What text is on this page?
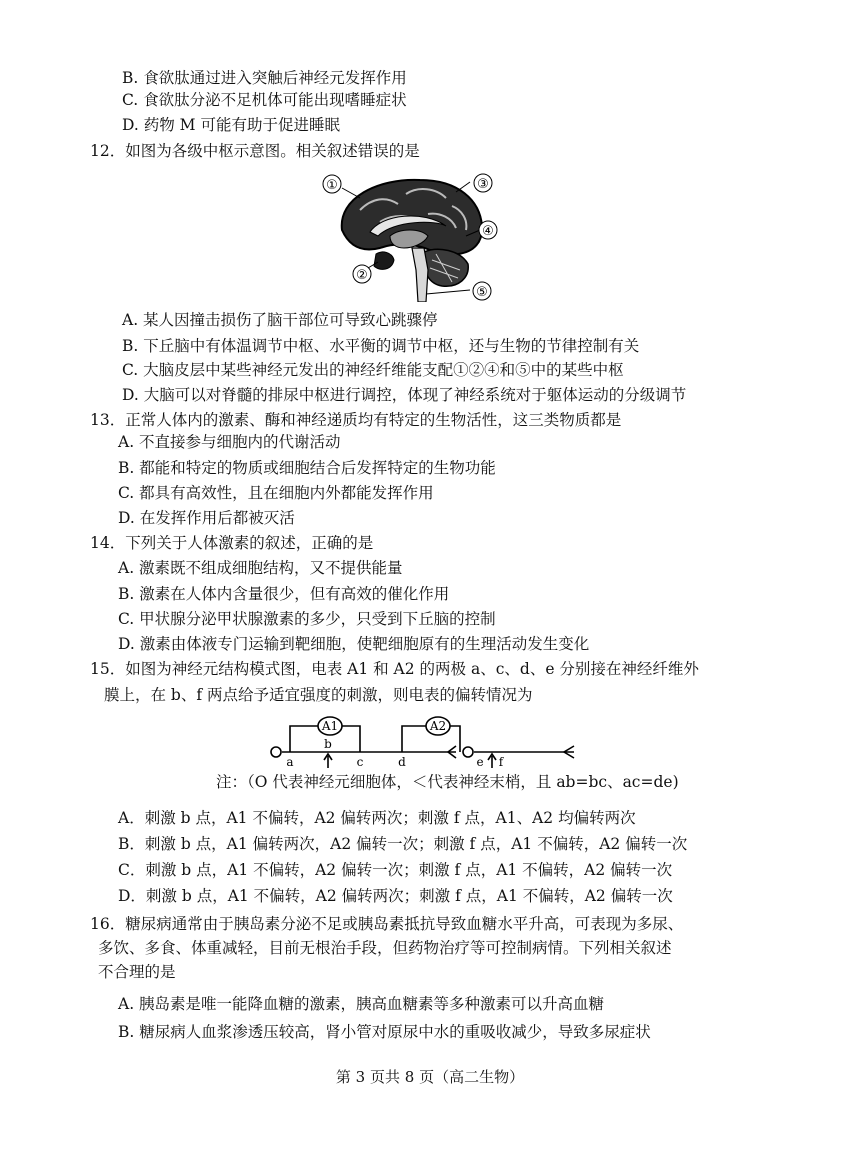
B. 食欲肽通过进入突触后神经元发挥作用
C. 食欲肽分泌不足机体可能出现嗜睡症状
D. 药物 M 可能有助于促进睡眠
12．如图为各级中枢示意图。相关叙述错误的是
①	③
④
②
⑤
A. 某人因撞击损伤了脑干部位可导致心跳骤停
B. 下丘脑中有体温调节中枢、水平衡的调节中枢，还与生物的节律控制有关
C. 大脑皮层中某些神经元发出的神经纤维能支配①②④和⑤中的某些中枢
D. 大脑可以对脊髓的排尿中枢进行调控，体现了神经系统对于躯体运动的分级调节
13．正常人体内的激素、酶和神经递质均有特定的生物活性，这三类物质都是
A. 不直接参与细胞内的代谢活动
B. 都能和特定的物质或细胞结合后发挥特定的生物功能
C. 都具有高效性，且在细胞内外都能发挥作用
D. 在发挥作用后都被灭活
14．下列关于人体激素的叙述，正确的是
A. 激素既不组成细胞结构，又不提供能量
B. 激素在人体内含量很少，但有高效的催化作用
C. 甲状腺分泌甲状腺激素的多少，只受到下丘脑的控制
D. 激素由体液专门运输到靶细胞，使靶细胞原有的生理活动发生变化
15．如图为神经元结构模式图，电表 A1 和 A2 的两极 a、c、d、e 分别接在神经纤维外
膜上，在 b、f 两点给予适宜强度的刺激，则电表的偏转情况为
A1	A2
a
b
c	d	e f
注：（O 代表神经元细胞体，＜代表神经末梢，且 ab=bc、ac=de)
A．刺激 b 点，A1 不偏转，A2 偏转两次；刺激 f 点，A1、A2 均偏转两次
B．刺激 b 点，A1 偏转两次，A2 偏转一次；刺激 f 点，A1 不偏转，A2 偏转一次
C．刺激 b 点，A1 不偏转，A2 偏转一次；刺激 f 点，A1 不偏转，A2 偏转一次
D．刺激 b 点，A1 不偏转，A2 偏转两次；刺激 f 点，A1 不偏转，A2 偏转一次
16．糖尿病通常由于胰岛素分泌不足或胰岛素抵抗导致血糖水平升高，可表现为多尿、
多饮、多食、体重减轻，目前无根治手段，但药物治疗等可控制病情。下列相关叙述
不合理的是
A. 胰岛素是唯一能降血糖的激素，胰高血糖素等多种激素可以升高血糖
B. 糖尿病人血浆渗透压较高，肾小管对原尿中水的重吸收减少，导致多尿症状
第 3 页共 8 页（高二生物）
